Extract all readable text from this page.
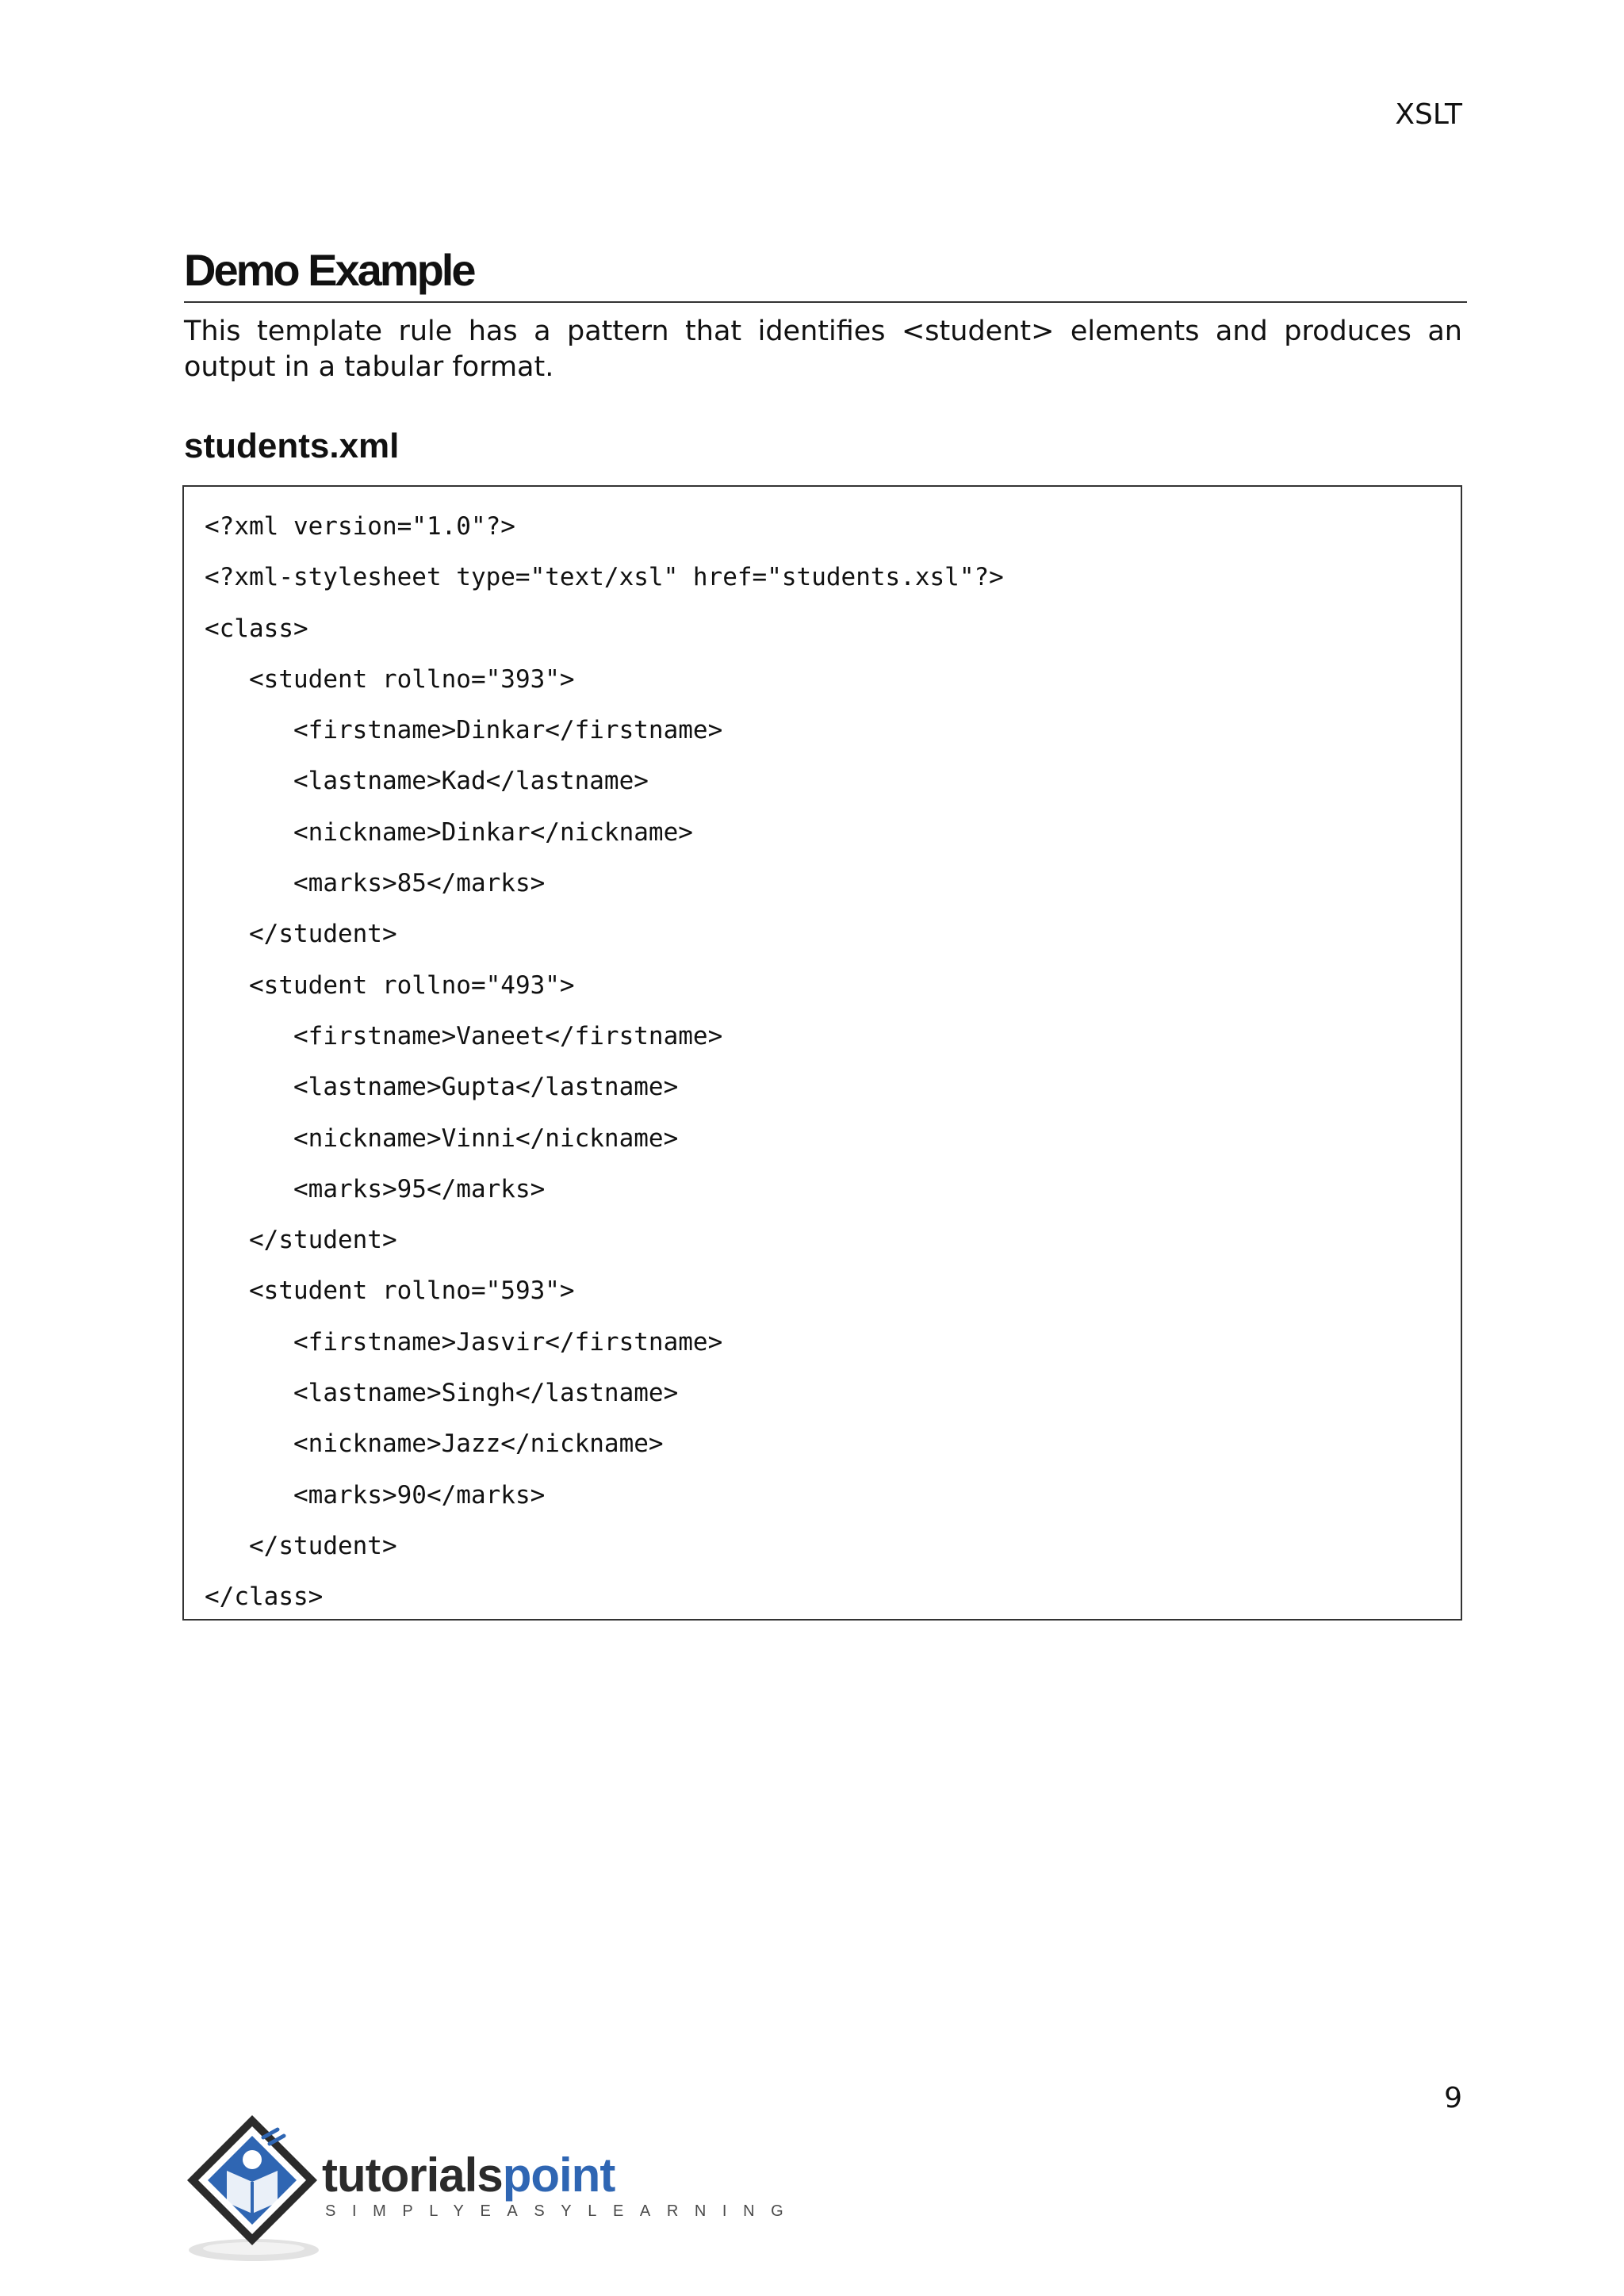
XSLT
Demo Example

This template rule has a pattern that identifies <student> elements and produces an output in a tabular format.

students.xml
<?xml version="1.0"?>
<?xml-stylesheet type="text/xsl" href="students.xsl"?>
<class>
<student rollno="393">
<firstname>Dinkar</firstname>
<lastname>Kad</lastname>
<nickname>Dinkar</nickname>
<marks>85</marks>
</student>
<student rollno="493">
<firstname>Vaneet</firstname>
<lastname>Gupta</lastname>
<nickname>Vinni</nickname>
<marks>95</marks>
</student>
<student rollno="593">
<firstname>Jasvir</firstname>
<lastname>Singh</lastname>
<nickname>Jazz</nickname>
<marks>90</marks>
</student>
</class>
9
tutorialspoint
SIMPLYEASYLEARNING
